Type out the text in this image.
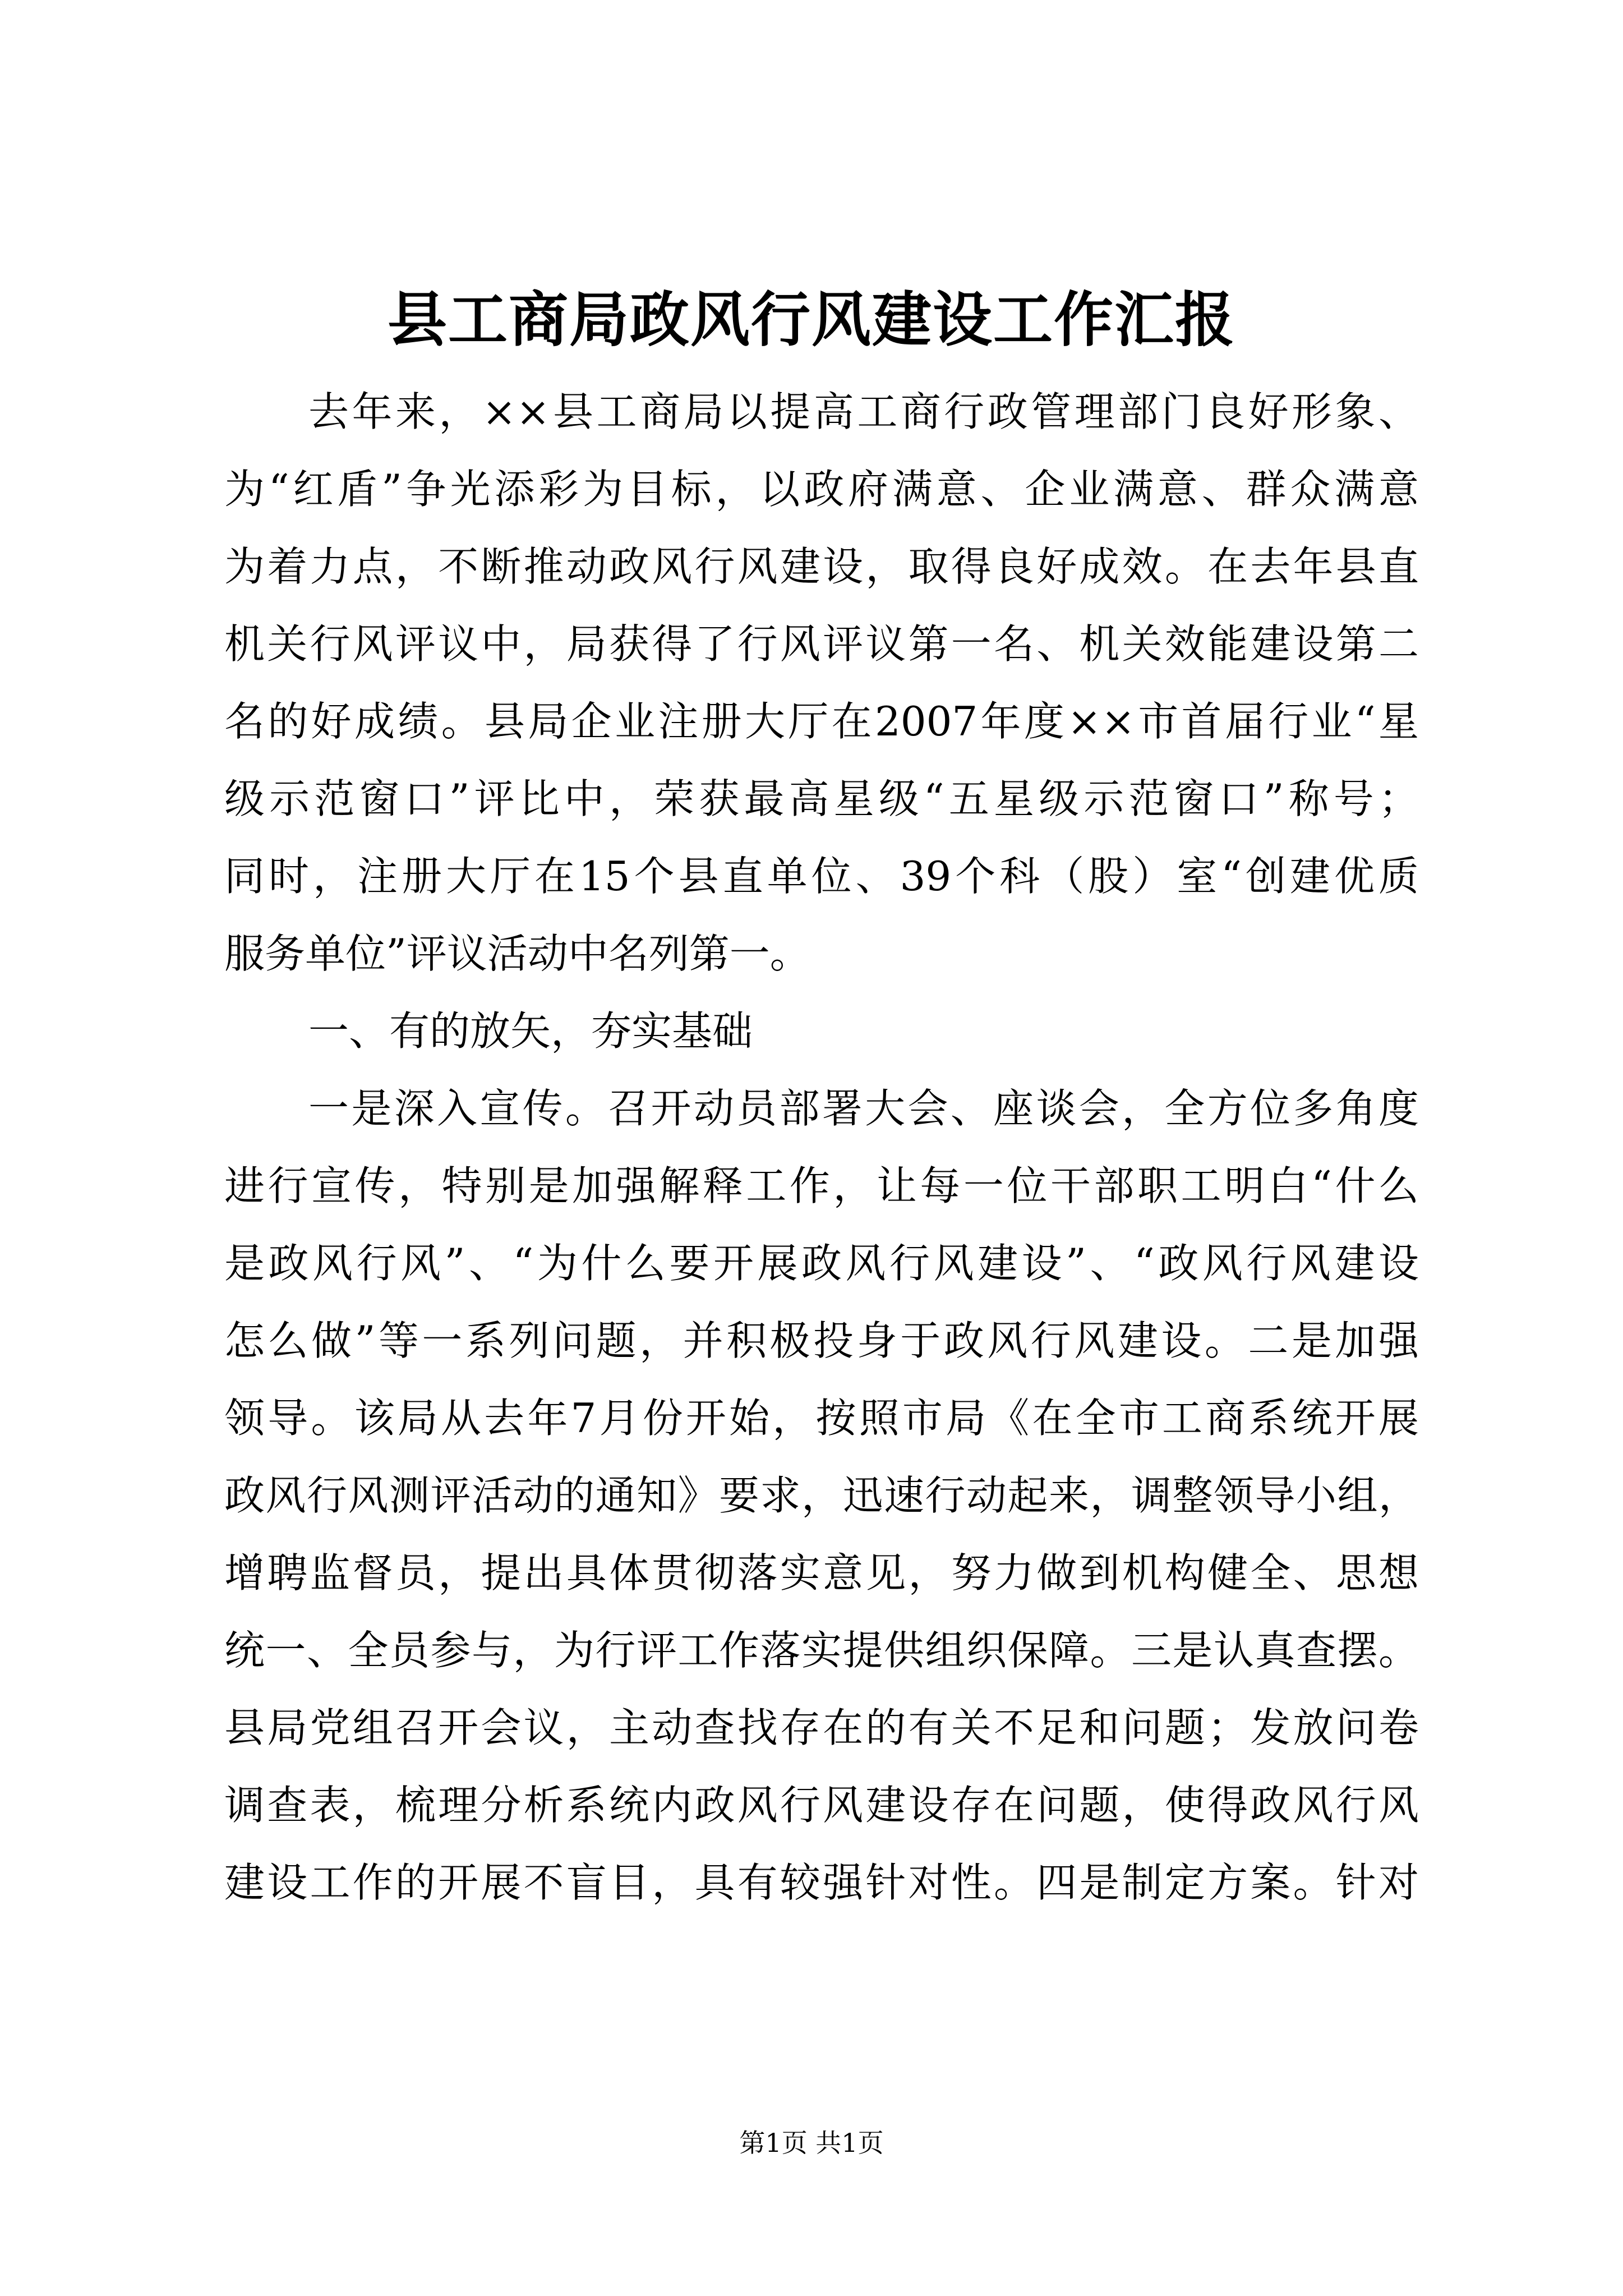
县工商局政风行风建设工作汇报
去年来，××县工商局以提高工商行政管理部门良好形象、
为“红盾”争光添彩为目标，以政府满意、企业满意、群众满意
为着力点，不断推动政风行风建设，取得良好成效。在去年县直
机关行风评议中，局获得了行风评议第一名、机关效能建设第二
名的好成绩。县局企业注册大厅在2007年度××市首届行业“星
级示范窗口”评比中，荣获最高星级“五星级示范窗口”称号；
同时，注册大厅在15个县直单位、39个科（股）室“创建优质
服务单位”评议活动中名列第一。
一、有的放矢，夯实基础
一是深入宣传。召开动员部署大会、座谈会，全方位多角度
进行宣传，特别是加强解释工作，让每一位干部职工明白“什么
是政风行风”、“为什么要开展政风行风建设”、“政风行风建设
怎么做”等一系列问题，并积极投身于政风行风建设。二是加强
领导。该局从去年7月份开始，按照市局《在全市工商系统开展
政风行风测评活动的通知》要求，迅速行动起来，调整领导小组，
增聘监督员，提出具体贯彻落实意见，努力做到机构健全、思想
统一、全员参与，为行评工作落实提供组织保障。三是认真查摆。
县局党组召开会议，主动查找存在的有关不足和问题；发放问卷
调查表，梳理分析系统内政风行风建设存在问题，使得政风行风
建设工作的开展不盲目，具有较强针对性。四是制定方案。针对
第1页 共1页
